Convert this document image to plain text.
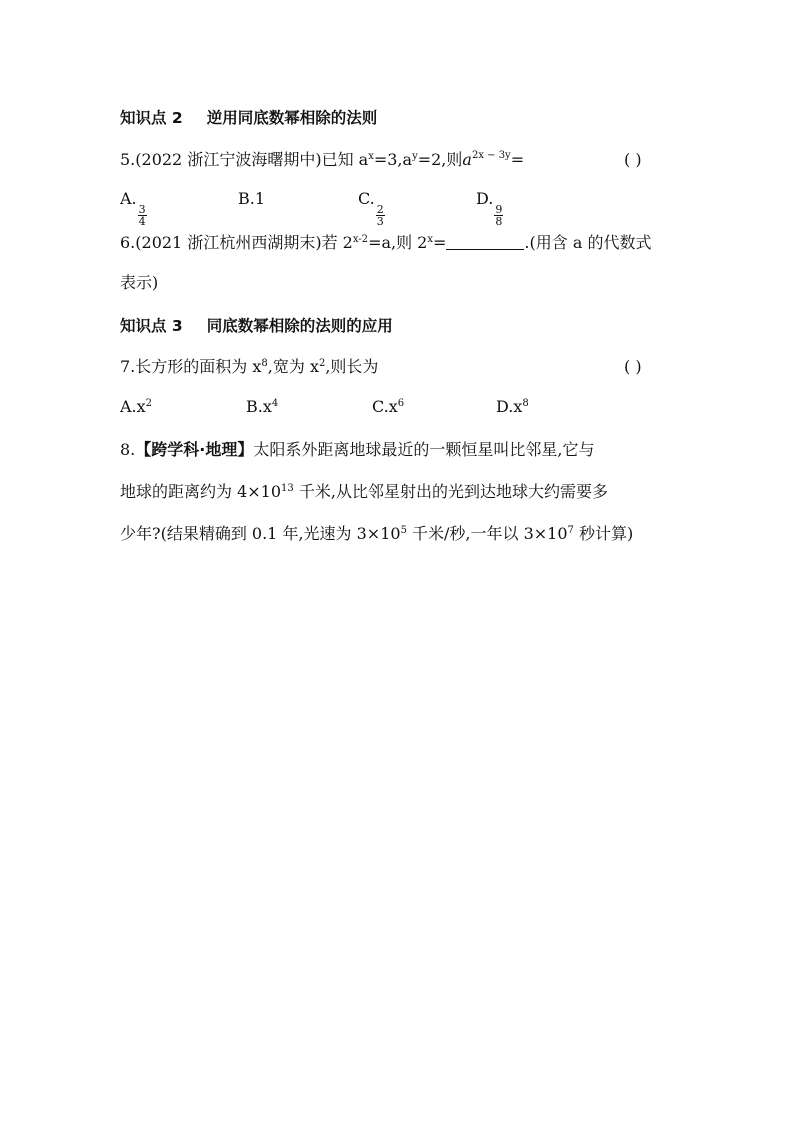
知识点 2 逆用同底数幂相除的法则
5.(2022 浙江宁波海曙期中)已知 $a^x=3,a^y=2$,则$a^{2x - 3y}=$	( )
A.
$\frac{3}{4}$
B.1	C.
$\frac{2}{3}$
D.
$\frac{9}{8}$
6.(2021 浙江杭州西湖期末)若 $2^{x-2}=a$,则 $2^x=$	.(用含 a 的代数式
表示)
知识点 3 同底数幂相除的法则的应用
7.长方形的面积为 $x^8$,宽为 $x^2$,则长为	( )
$A.x^2$	$B.x^4$	$C.x^6$	$D.x^8$
8.【跨学科·地理】太阳系外距离地球最近的一颗恒星叫比邻星,它与
地球的距离约为 $4\times 10^{13}$ 千米,从比邻星射出的光到达地球大约需要多
少年?(结果精确到 0.1 年,光速为 $3\times 10^5$ 千米/秒,一年以 $3\times 10^7$ 秒计算)
